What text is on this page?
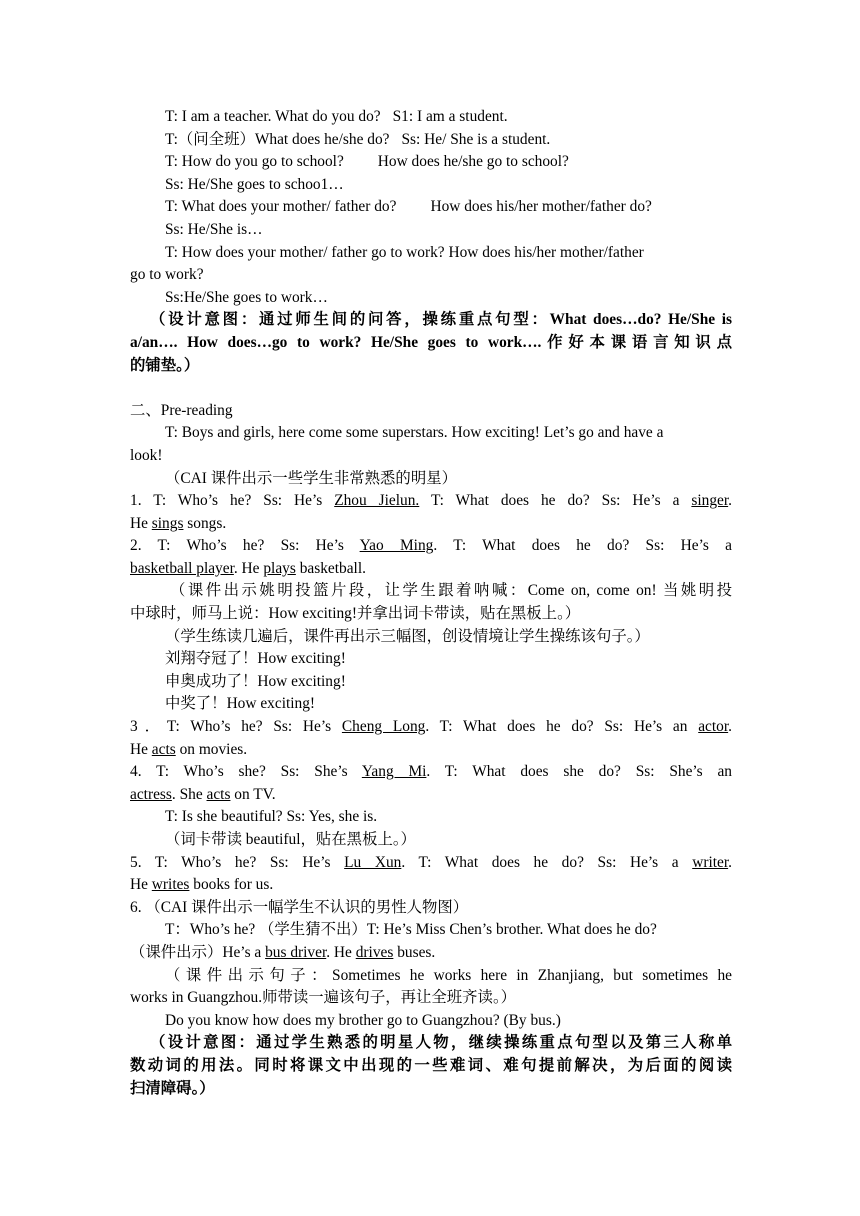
T: I am a teacher. What do you do? S1: I am a student.
T:（问全班）What does he/she do? Ss: He/ She is a student.
T: How do you go to school? How does he/she go to school?
Ss: He/She goes to schoo1…
T: What does your mother/ father do? How does his/her mother/father do?
Ss: He/She is…
T: How does your mother/ father go to work? How does his/her mother/father
go to work?
Ss:He/She goes to work…
（设计意图：通过师生间的问答，操练重点句型：What does…do? He/She is
a/an…. How does…go to work? He/She goes to work….作好本课语言知识点
的铺垫。）
二、Pre-reading
T: Boys and girls, here come some superstars. How exciting! Let’s go and have a
look!
（CAI 课件出示一些学生非常熟悉的明星）
1. T: Who’s he? Ss: He’s Zhou Jielun. T: What does he do? Ss: He’s a singer.
He sings songs.
2. T: Who’s he? Ss: He’s Yao Ming. T: What does he do? Ss: He’s a
basketball player. He plays basketball.
（课件出示姚明投篮片段，让学生跟着呐喊：Come on, come on! 当姚明投
中球时，师马上说：How exciting!并拿出词卡带读，贴在黑板上。）
（学生练读几遍后，课件再出示三幅图，创设情境让学生操练该句子。）
刘翔夺冠了！How exciting!
申奥成功了！How exciting!
中奖了！How exciting!
3．T: Who’s he? Ss: He’s Cheng Long. T: What does he do? Ss: He’s an actor.
He acts on movies.
4. T: Who’s she? Ss: She’s Yang Mi. T: What does she do? Ss: She’s an
actress. She acts on TV.
T: Is she beautiful? Ss: Yes, she is.
（词卡带读 beautiful，贴在黑板上。）
5. T: Who’s he? Ss: He’s Lu Xun. T: What does he do? Ss: He’s a writer.
He writes books for us.
6. （CAI 课件出示一幅学生不认识的男性人物图）
T：Who’s he? （学生猜不出）T: He’s Miss Chen’s brother. What does he do?
（课件出示）He’s a bus driver. He drives buses.
（课件出示句子：Sometimes he works here in Zhanjiang, but sometimes he
works in Guangzhou.师带读一遍该句子，再让全班齐读。）
Do you know how does my brother go to Guangzhou? (By bus.)
（设计意图：通过学生熟悉的明星人物，继续操练重点句型以及第三人称单
数动词的用法。同时将课文中出现的一些难词、难句提前解决，为后面的阅读
扫清障碍。）
